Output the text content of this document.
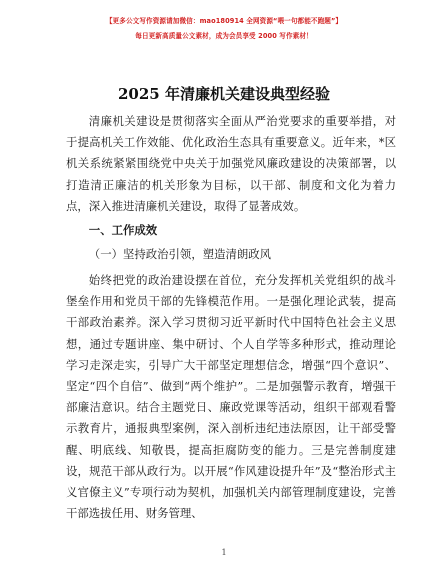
【更多公文写作资源请加微信：mao180914 全网资源“喂一句都能不跑题”】
每日更新高质量公文素材，成为会员享受 2000 写作素材！
2025 年清廉机关建设典型经验
清廉机关建设是贯彻落实全面从严治党要求的重要举措，对于提高机关工作效能、优化政治生态具有重要意义。近年来，*区机关系统紧紧围绕党中央关于加强党风廉政建设的决策部署，以打造清正廉洁的机关形象为目标，以干部、制度和文化为着力点，深入推进清廉机关建设，取得了显著成效。
一、工作成效
（一）坚持政治引领，塑造清朗政风
始终把党的政治建设摆在首位，充分发挥机关党组织的战斗堡垒作用和党员干部的先锋模范作用。一是强化理论武装，提高干部政治素养。深入学习贯彻习近平新时代中国特色社会主义思想，通过专题讲座、集中研讨、个人自学等多种形式，推动理论学习走深走实，引导广大干部坚定理想信念，增强“四个意识”、坚定“四个自信”、做到“两个维护”。二是加强警示教育，增强干部廉洁意识。结合主题党日、廉政党课等活动，组织干部观看警示教育片，通报典型案例，深入剖析违纪违法原因，让干部受警醒、明底线、知敬畏，提高拒腐防变的能力。三是完善制度建设，规范干部从政行为。以开展“作风建设提升年”及“整治形式主义官僚主义”专项行动为契机，加强机关内部管理制度建设，完善干部选拔任用、财务管理、
1
